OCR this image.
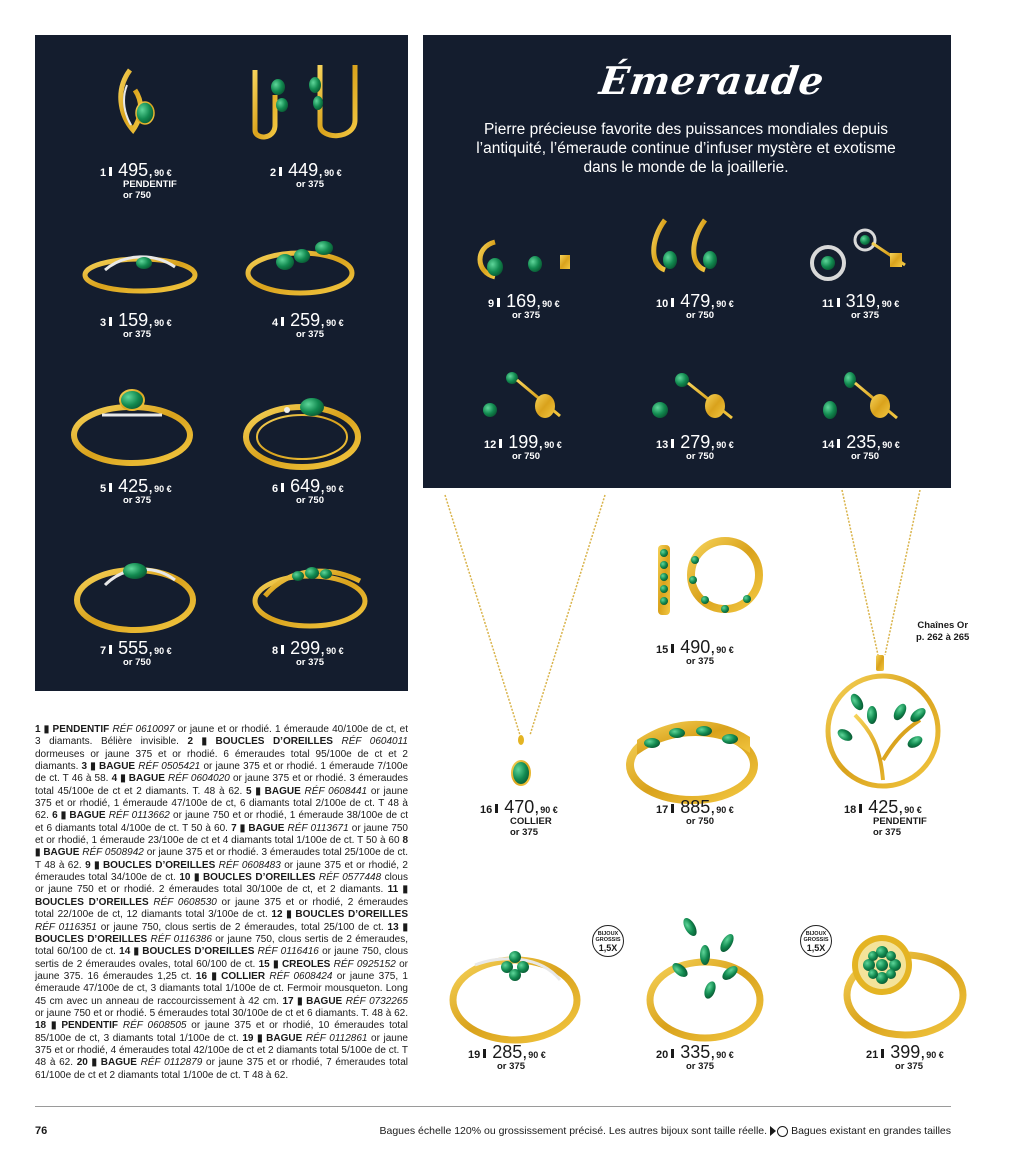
Émeraude
Pierre précieuse favorite des puissances mondiales depuis l’antiquité, l’émeraude continue d’infuser mystère et exotisme dans le monde de la joaillerie.
1 495, 90 €
PENDENTIF
or 750
2 449, 90 €
or 375
3 159, 90 €
or 375
4 259, 90 €
or 375
5 425, 90 €
or 375
6 649, 90 €
or 750
7 555, 90 €
or 750
8 299, 90 €
or 375
9 169, 90 €
or 375
10 479, 90 €
or 750
11 319, 90 €
or 375
12 199, 90 €
or 750
13 279, 90 €
or 750
14 235, 90 €
or 750
15 490, 90 €
or 375
16 470, 90 €
COLLIER
or 375
17 885, 90 €
or 750
18 425, 90 €
PENDENTIF
or 375
19 285, 90 €
or 375
20 335, 90 €
or 375
21 399, 90 €
or 375
BIJOUX GROSSIS
1,5X
BIJOUX GROSSIS
1,5X
Chaînes Or
p. 262 à 265
1 ▮ PENDENTIF RÉF 0610097 or jaune et or rhodié. 1 émeraude 40/100e de ct, et 3 diamants. Bélière invisible. 2 ▮ BOUCLES D’OREILLES RÉF 0604011 dormeuses or jaune 375 et or rhodié. 6 émeraudes total 95/100e de ct et 2 diamants. 3 ▮ BAGUE RÉF 0505421 or jaune 375 et or rhodié. 1 émeraude 7/100e de ct. T 46 à 58. 4 ▮ BAGUE RÉF 0604020 or jaune 375 et or rhodié. 3 émeraudes total 45/100e de ct et 2 diamants. T. 48 à 62. 5 ▮ BAGUE RÉF 0608441 or jaune 375 et or rhodié, 1 émeraude 47/100e de ct, 6 diamants total 2/100e de ct. T 48 à 62. 6 ▮ BAGUE RÉF 0113662 or jaune 750 et or rhodié, 1 émeraude 38/100e de ct et 6 diamants total 4/100e de ct. T 50 à 60. 7 ▮ BAGUE RÉF 0113671 or jaune 750 et or rhodié, 1 émeraude 23/100e de ct et 4 diamants total 1/100e de ct. T 50 à 60 8 ▮ BAGUE RÉF 0508942 or jaune 375 et or rhodié. 3 émeraudes total 25/100e de ct. T 48 à 62. 9 ▮ BOUCLES D’OREILLES RÉF 0608483 or jaune 375 et or rhodié, 2 émeraudes total 34/100e de ct. 10 ▮ BOUCLES D’OREILLES RÉF 0577448 clous or jaune 750 et or rhodié. 2 émeraudes total 30/100e de ct, et 2 diamants. 11 ▮ BOUCLES D’OREILLES RÉF 0608530 or jaune 375 et or rhodié, 2 émeraudes total 22/100e de ct, 12 diamants total 3/100e de ct. 12 ▮ BOUCLES D’OREILLES RÉF 0116351 or jaune 750, clous sertis de 2 émeraudes, total 25/100 de ct. 13 ▮ BOUCLES D’OREILLES RÉF 0116386 or jaune 750, clous sertis de 2 émeraudes, total 60/100 de ct. 14 ▮ BOUCLES D’OREILLES RÉF 0116416 or jaune 750, clous sertis de 2 émeraudes ovales, total 60/100 de ct. 15 ▮ CREOLES RÉF 0925152 or jaune 375. 16 émeraudes 1,25 ct. 16 ▮ COLLIER RÉF 0608424 or jaune 375, 1 émeraude 47/100e de ct, 3 diamants total 1/100e de ct. Fermoir mousqueton. Long 45 cm avec un anneau de raccourcissement à 42 cm. 17 ▮ BAGUE RÉF 0732265 or jaune 750 et or rhodié. 5 émeraudes total 30/100e de ct et 6 diamants. T. 48 à 62. 18 ▮ PENDENTIF RÉF 0608505 or jaune 375 et or rhodié, 10 émeraudes total 85/100e de ct, 3 diamants total 1/100e de ct. 19 ▮ BAGUE RÉF 0112861 or jaune 375 et or rhodié, 4 émeraudes total 42/100e de ct et 2 diamants total 5/100e de ct. T 48 à 62. 20 ▮ BAGUE RÉF 0112879 or jaune 375 et or rhodié, 7 émeraudes total 61/100e de ct et 2 diamants total 1/100e de ct. T 48 à 62.
76	Bagues échelle 120% ou grossissement précisé. Les autres bijoux sont taille réelle. Bagues existant en grandes tailles
